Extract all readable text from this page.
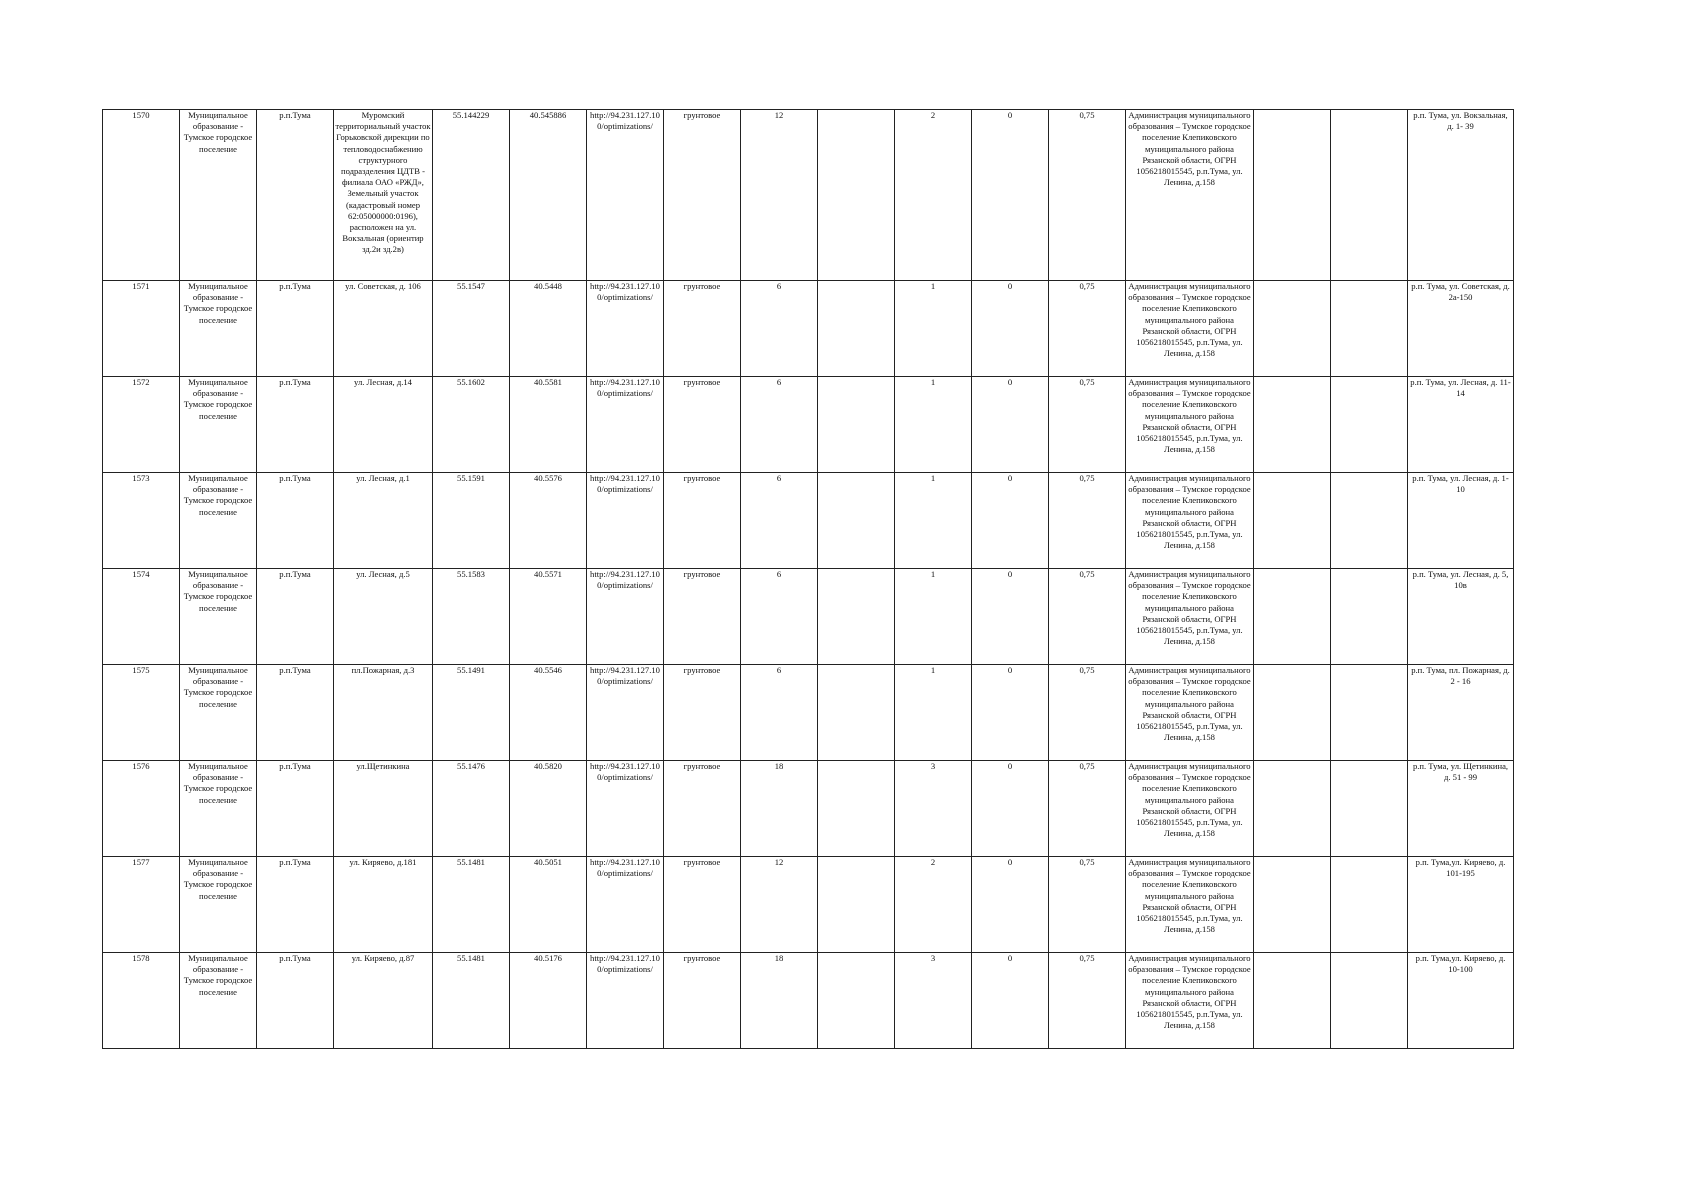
1570	Муниципальное образование - Тумское городское поселение	р.п.Тума	Муромский территориальный участок Горьковской дирекции по тепловодоснабжению структурного подразделения ЦДТВ - филиала ОАО «РЖД», Земельный участок (кадастровый номер 62:05000000:0196), расположен на ул. Вокзальная (ориентир зд.2и зд.2в)	55.144229	40.545886	http://94.231.127.100/optimizations/	грунтовое	12		2	0	0,75	Администрация муниципального образования – Тумское городское поселение Клепиковского муниципального района Рязанской области, ОГРН 1056218015545, р.п.Тума, ул. Ленина, д.158			р.п. Тума, ул. Вокзальная, д. 1- 39
1571	Муниципальное образование - Тумское городское поселение	р.п.Тума	ул. Советская, д. 106	55.1547	40.5448	http://94.231.127.100/optimizations/	грунтовое	6		1	0	0,75	Администрация муниципального образования – Тумское городское поселение Клепиковского муниципального района Рязанской области, ОГРН 1056218015545, р.п.Тума, ул. Ленина, д.158			р.п. Тума, ул. Советская, д. 2а-150
1572	Муниципальное образование - Тумское городское поселение	р.п.Тума	ул. Лесная, д.14	55.1602	40.5581	http://94.231.127.100/optimizations/	грунтовое	6		1	0	0,75	Администрация муниципального образования – Тумское городское поселение Клепиковского муниципального района Рязанской области, ОГРН 1056218015545, р.п.Тума, ул. Ленина, д.158			р.п. Тума, ул. Лесная, д. 11-14
1573	Муниципальное образование - Тумское городское поселение	р.п.Тума	ул. Лесная, д.1	55.1591	40.5576	http://94.231.127.100/optimizations/	грунтовое	6		1	0	0,75	Администрация муниципального образования – Тумское городское поселение Клепиковского муниципального района Рязанской области, ОГРН 1056218015545, р.п.Тума, ул. Ленина, д.158			р.п. Тума, ул. Лесная, д. 1-10
1574	Муниципальное образование - Тумское городское поселение	р.п.Тума	ул. Лесная, д.5	55.1583	40.5571	http://94.231.127.100/optimizations/	грунтовое	6		1	0	0,75	Администрация муниципального образования – Тумское городское поселение Клепиковского муниципального района Рязанской области, ОГРН 1056218015545, р.п.Тума, ул. Ленина, д.158			р.п. Тума, ул. Лесная, д. 5, 10в
1575	Муниципальное образование - Тумское городское поселение	р.п.Тума	пл.Пожарная, д.3	55.1491	40.5546	http://94.231.127.100/optimizations/	грунтовое	6		1	0	0,75	Администрация муниципального образования – Тумское городское поселение Клепиковского муниципального района Рязанской области, ОГРН 1056218015545, р.п.Тума, ул. Ленина, д.158			р.п. Тума, пл. Пожарная, д. 2 - 16
1576	Муниципальное образование - Тумское городское поселение	р.п.Тума	ул.Щетинкина	55.1476	40.5820	http://94.231.127.100/optimizations/	грунтовое	18		3	0	0,75	Администрация муниципального образования – Тумское городское поселение Клепиковского муниципального района Рязанской области, ОГРН 1056218015545, р.п.Тума, ул. Ленина, д.158			р.п. Тума, ул. Щетинкина, д. 51 - 99
1577	Муниципальное образование - Тумское городское поселение	р.п.Тума	ул. Киряево, д.181	55.1481	40.5051	http://94.231.127.100/optimizations/	грунтовое	12		2	0	0,75	Администрация муниципального образования – Тумское городское поселение Клепиковского муниципального района Рязанской области, ОГРН 1056218015545, р.п.Тума, ул. Ленина, д.158			р.п. Тума,ул. Киряево, д. 101-195
1578	Муниципальное образование - Тумское городское поселение	р.п.Тума	ул. Киряево, д.87	55.1481	40.5176	http://94.231.127.100/optimizations/	грунтовое	18		3	0	0,75	Администрация муниципального образования – Тумское городское поселение Клепиковского муниципального района Рязанской области, ОГРН 1056218015545, р.п.Тума, ул. Ленина, д.158			р.п. Тума,ул. Киряево, д. 10-100
